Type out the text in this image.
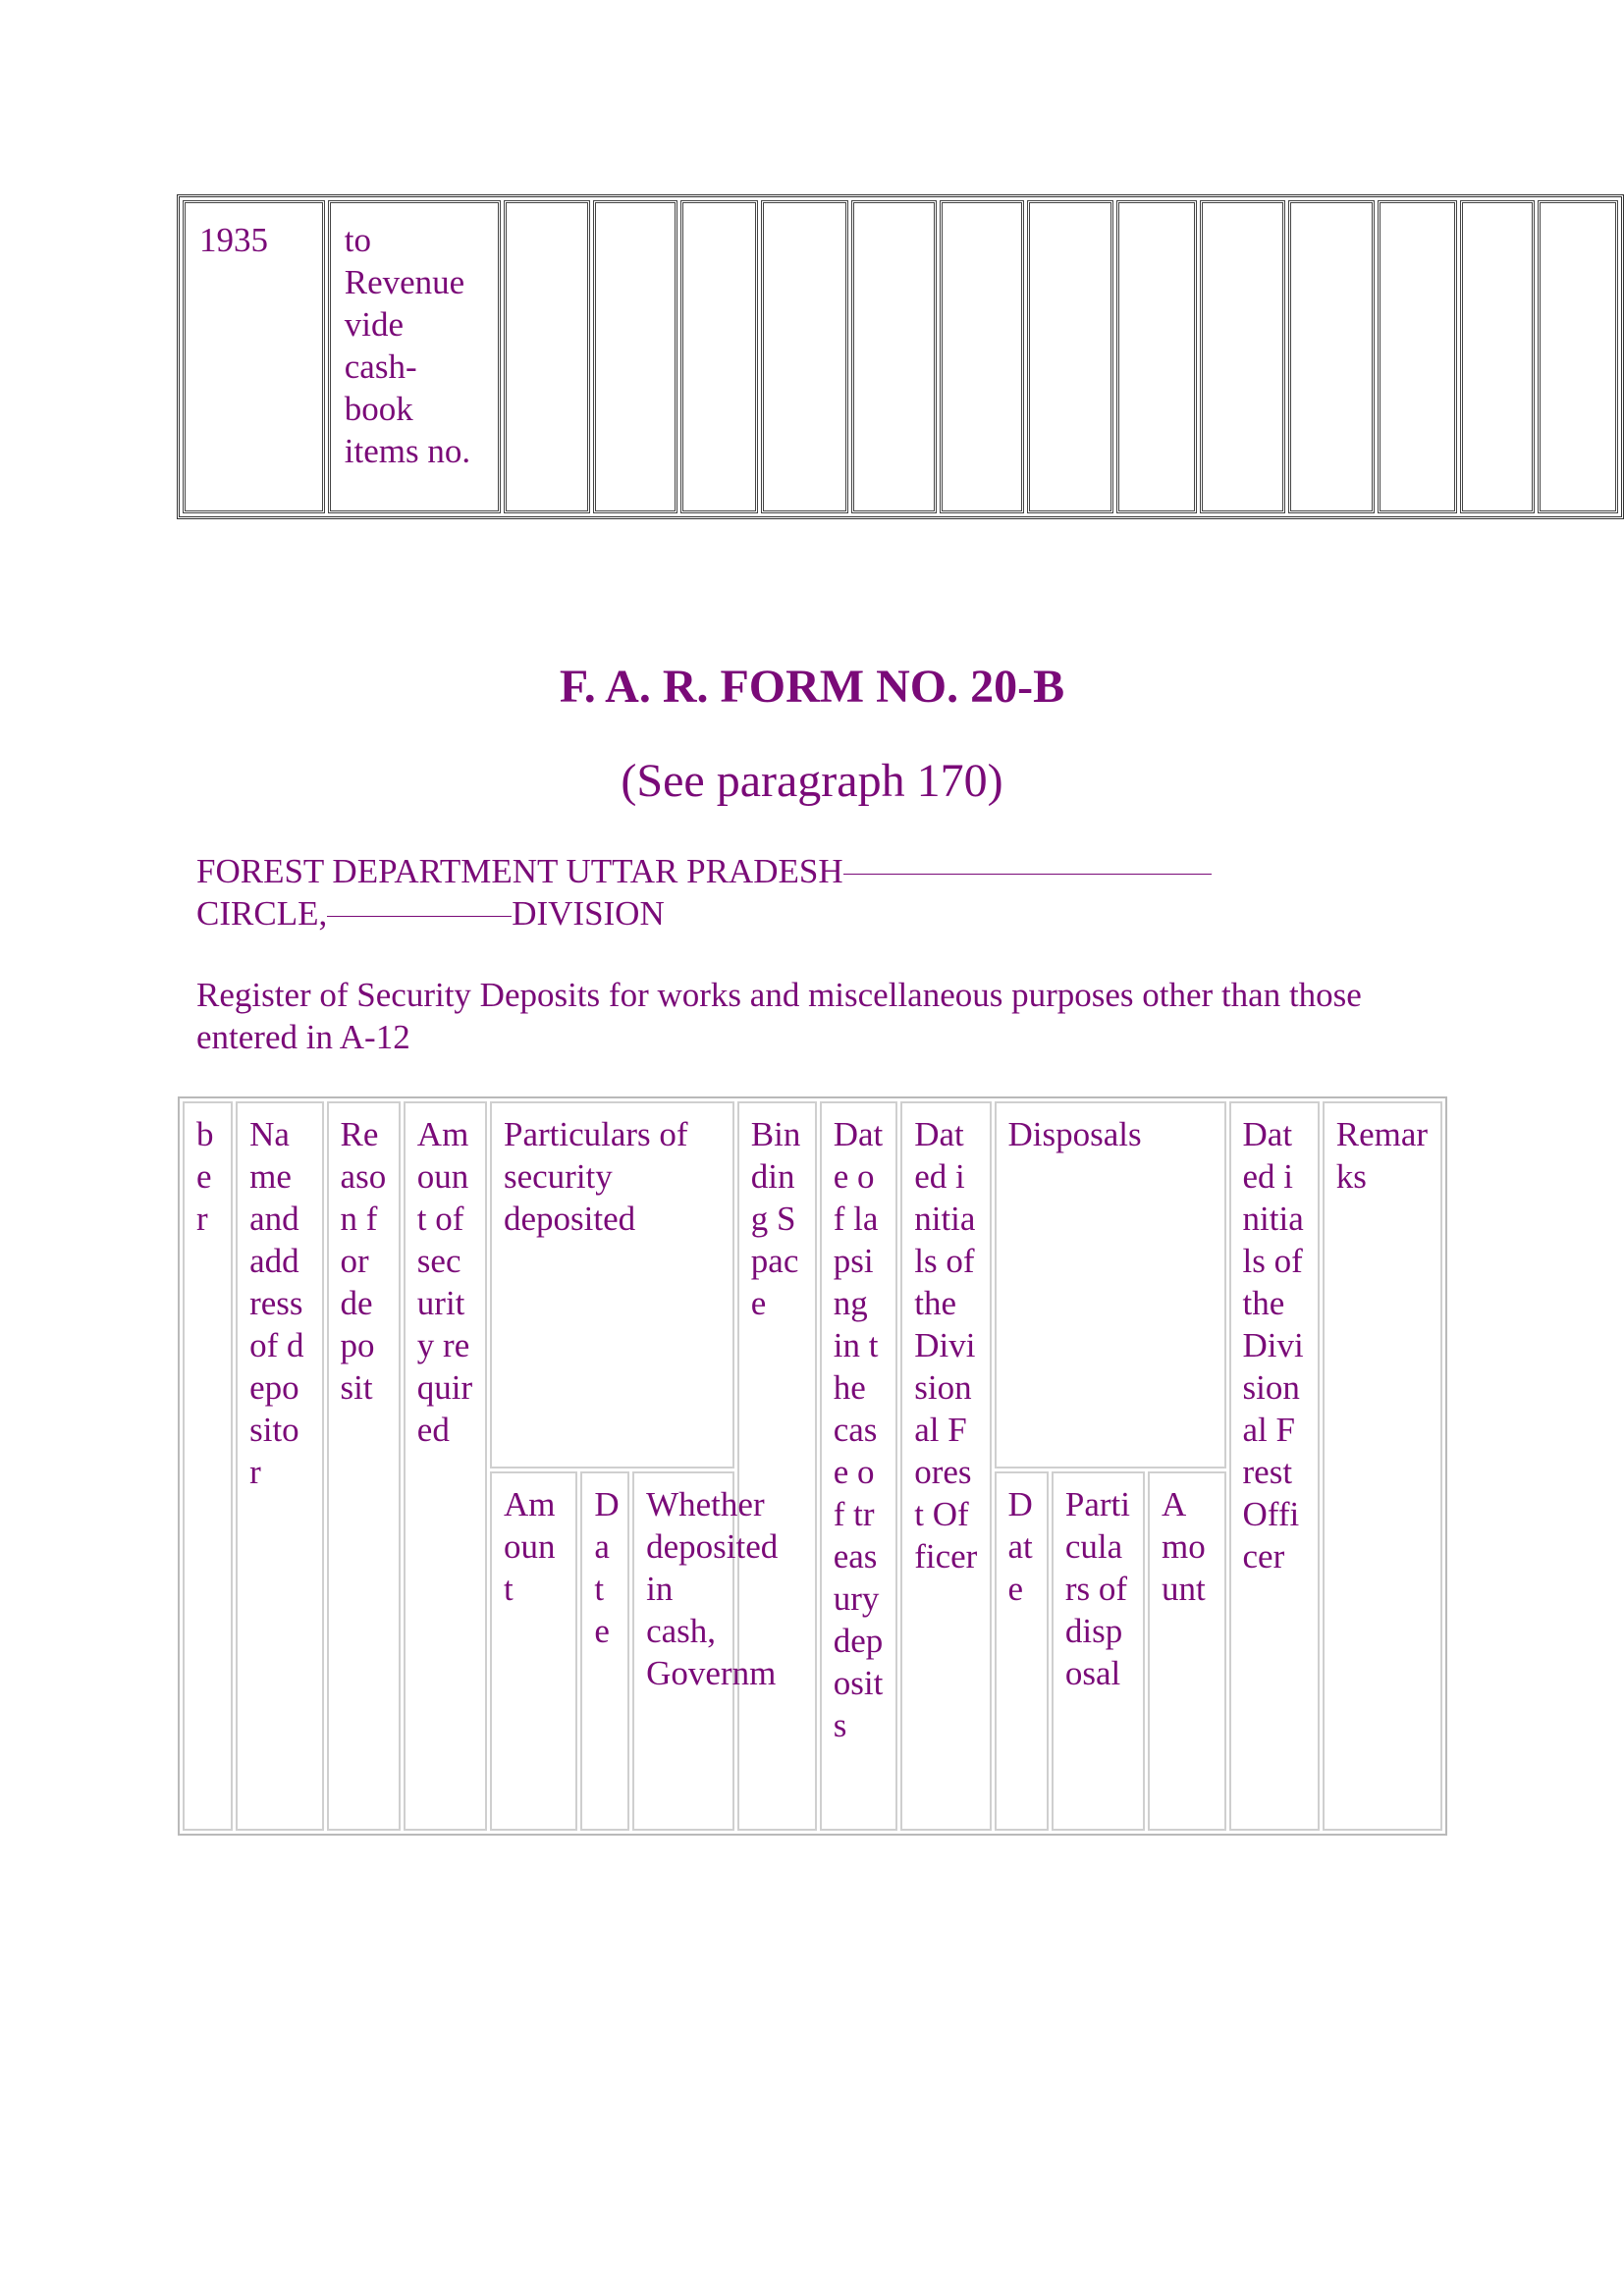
1935	to Revenue vide cash-book items no.													
F. A. R. FORM NO. 20-B
(See paragraph 170)

FOREST DEPARTMENT UTTAR PRADESH
CIRCLE,	DIVISION

Register of Security Deposits for works and miscellaneous purposes other than those entered in A-12

ber	Name and address of depositor	Reason for deposit	Amount of security required	Particulars of security deposited			Binding Space	Date of lapsing in the case of treasury deposits	Dated initials of the Divisional Forest Officer	Disposals			Dated initials of the Divisional Frest Officer	Remarks
				Amount	Date	Whether deposited in cash, Governm				Date	Particulars of disposal	Amount		
